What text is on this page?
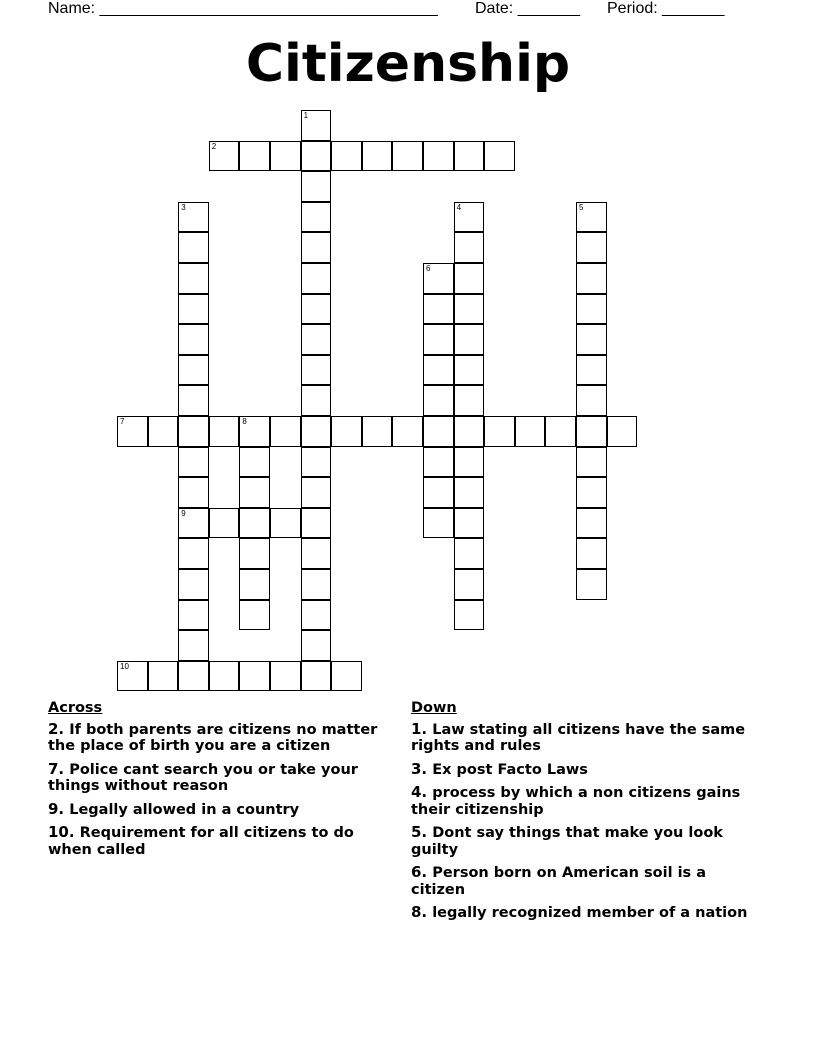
Name: ______________________________________ Date: _______ Period: _______
Citizenship
1
2
3
9
4	5
6
7	8
10
Across
2. If both parents are citizens no matter the place of birth you are a citizen
7. Police cant search you or take your things without reason
9. Legally allowed in a country
10. Requirement for all citizens to do when called
Down
1. Law stating all citizens have the same rights and rules
3. Ex post Facto Laws
4. process by which a non citizens gains their citizenship
5. Dont say things that make you look guilty
6. Person born on American soil is a citizen
8. legally recognized member of a nation
